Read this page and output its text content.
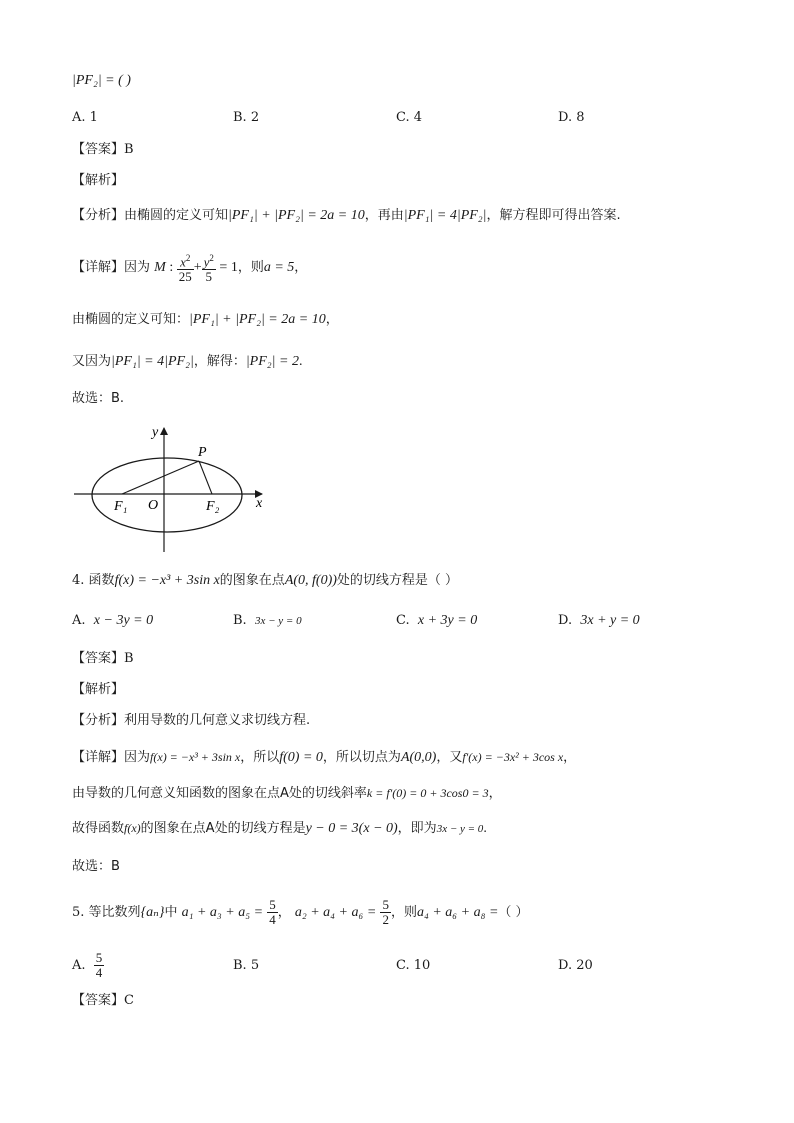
|PF₂| = ( )
A. 1	B. 2	C. 4	D. 8
【答案】B
【解析】
【分析】由椭圆的定义可知|PF₁| + |PF₂| = 2a = 10，再由|PF₁| = 4|PF₂|，解方程即可得出答案.
【详解】因为 M : $\frac{x^2}{25} + \frac{y^2}{5} = 1$，则a = 5，
由椭圆的定义可知：|PF₁| + |PF₂| = 2a = 10，
又因为|PF₁| = 4|PF₂|，解得：|PF₂| = 2.
故选：B.
y
x
P
O
F₁	F₂
4. 函数f(x) = −x³ + 3sin x的图象在点A(0, f(0))处的切线方程是（ ）
A. x − 3y = 0	B. 3x − y = 0	C. x + 3y = 0	D. 3x + y = 0
【答案】B
【解析】
【分析】利用导数的几何意义求切线方程.
【详解】因为f(x) = −x³ + 3sin x，所以f(0) = 0，所以切点为A(0,0)，又f′(x) = −3x² + 3cos x，
由导数的几何意义知函数的图象在点A处的切线斜率k = f′(0) = 0 + 3cos0 = 3，
故得函数f(x)的图象在点A处的切线方程是y − 0 = 3(x − 0)，即为3x − y = 0.
故选：B
5. 等比数列{aₙ}中 $a_1 + a_3 + a_5 = \frac{5}{4}$ ， $a_2 + a_4 + a_6 = \frac{5}{2}$ ，则a₄ + a₆ + a₈ =（ ）
A. $\frac{5}{4}$	B. 5	C. 10	D. 20
【答案】C
